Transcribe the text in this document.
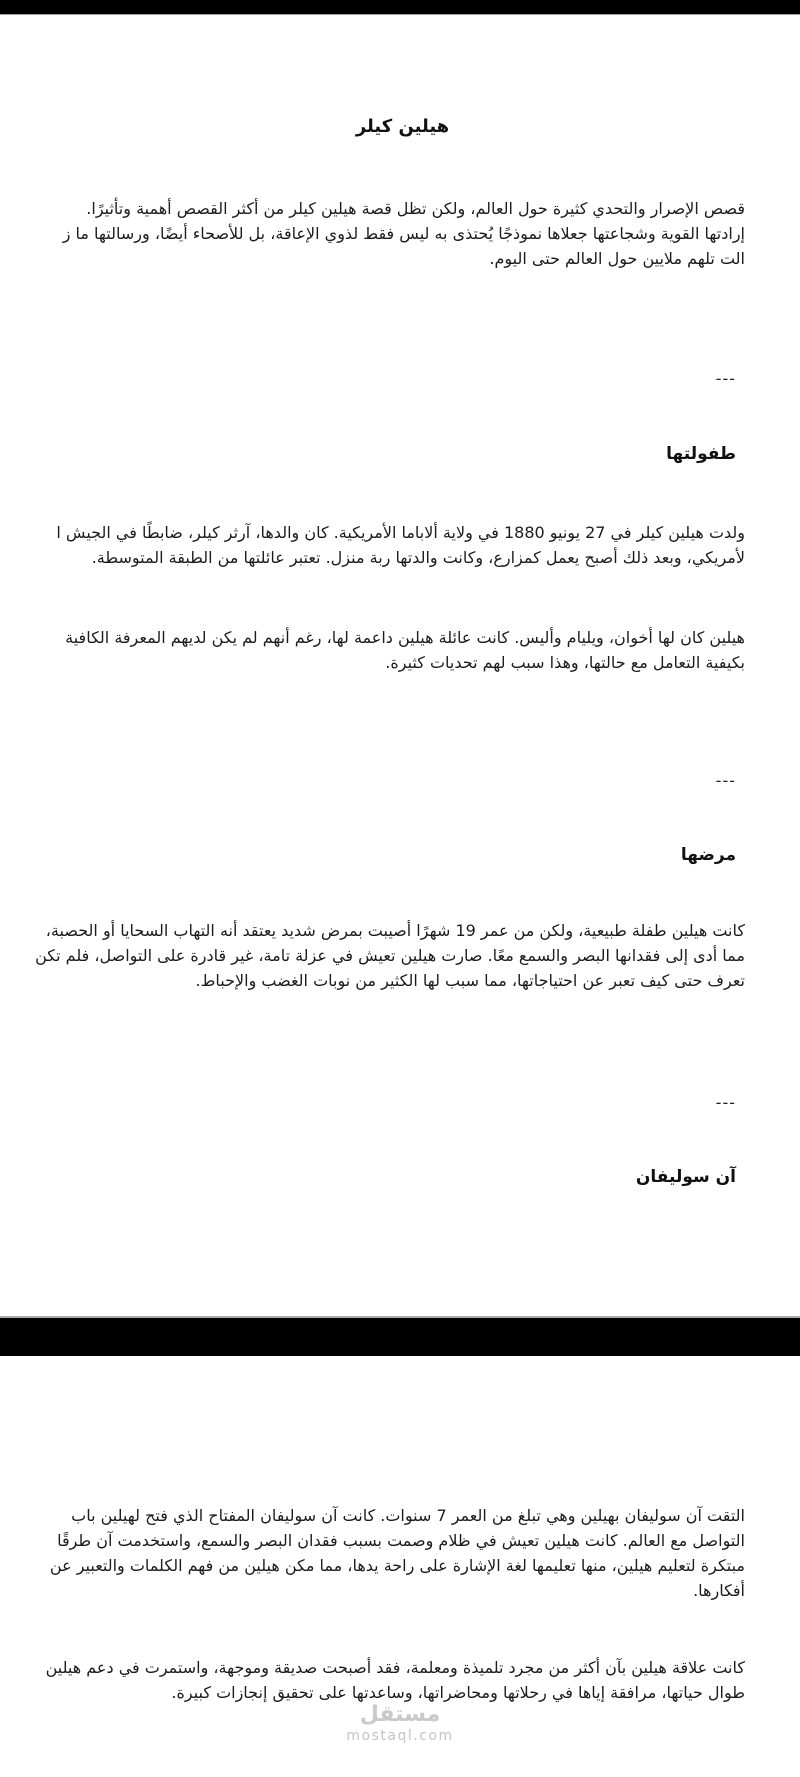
هيلين كيلر
قصص الإصرار والتحدي كثيرة حول العالم، ولكن تظل قصة هيلين كيلر من أكثر القصص أهمية وتأثيرًا.
إرادتها القوية وشجاعتها جعلاها نموذجًا يُحتذى به ليس فقط لذوي الإعاقة، بل للأصحاء أيضًا، ورسالتها ما ز
الت تلهم ملايين حول العالم حتى اليوم.
---
طفولتها
ولدت هيلين كيلر في 27 يونيو 1880 في ولاية ألاباما الأمريكية. كان والدها، آرثر كيلر، ضابطًا في الجيش ا
لأمريكي، وبعد ذلك أصبح يعمل كمزارع، وكانت والدتها ربة منزل. تعتبر عائلتها من الطبقة المتوسطة.
هيلين كان لها أخوان، ويليام وأليس. كانت عائلة هيلين داعمة لها، رغم أنهم لم يكن لديهم المعرفة الكافية
بكيفية التعامل مع حالتها، وهذا سبب لهم تحديات كثيرة.
---
مرضها
كانت هيلين طفلة طبيعية، ولكن من عمر 19 شهرًا أصيبت بمرض شديد يعتقد أنه التهاب السحايا أو الحصبة،
مما أدى إلى فقدانها البصر والسمع معًا. صارت هيلين تعيش في عزلة تامة، غير قادرة على التواصل، فلم تكن
تعرف حتى كيف تعبر عن احتياجاتها، مما سبب لها الكثير من نوبات الغضب والإحباط.
---
آن سوليفان
التقت آن سوليفان بهيلين وهي تبلغ من العمر 7 سنوات. كانت آن سوليفان المفتاح الذي فتح لهيلين باب
التواصل مع العالم. كانت هيلين تعيش في ظلام وصمت بسبب فقدان البصر والسمع، واستخدمت آن طرقًا
مبتكرة لتعليم هيلين، منها تعليمها لغة الإشارة على راحة يدها، مما مكن هيلين من فهم الكلمات والتعبير عن
أفكارها.
كانت علاقة هيلين بآن أكثر من مجرد تلميذة ومعلمة، فقد أصبحت صديقة وموجهة، واستمرت في دعم هيلين
طوال حياتها، مرافقة إياها في رحلاتها ومحاضراتها، وساعدتها على تحقيق إنجازات كبيرة.
مستقل
mostaql.com
